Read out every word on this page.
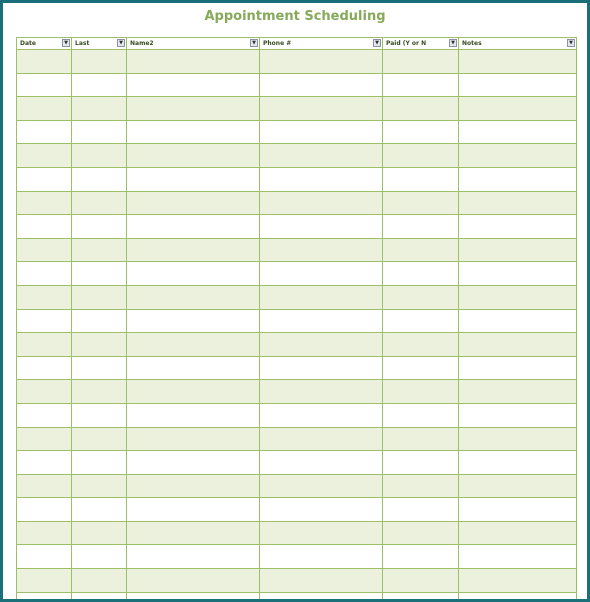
Appointment Scheduling
Date ▼	Last ▼	Name2 ▼	Phone # ▼	Paid (Y or N ▼	Notes ▼
